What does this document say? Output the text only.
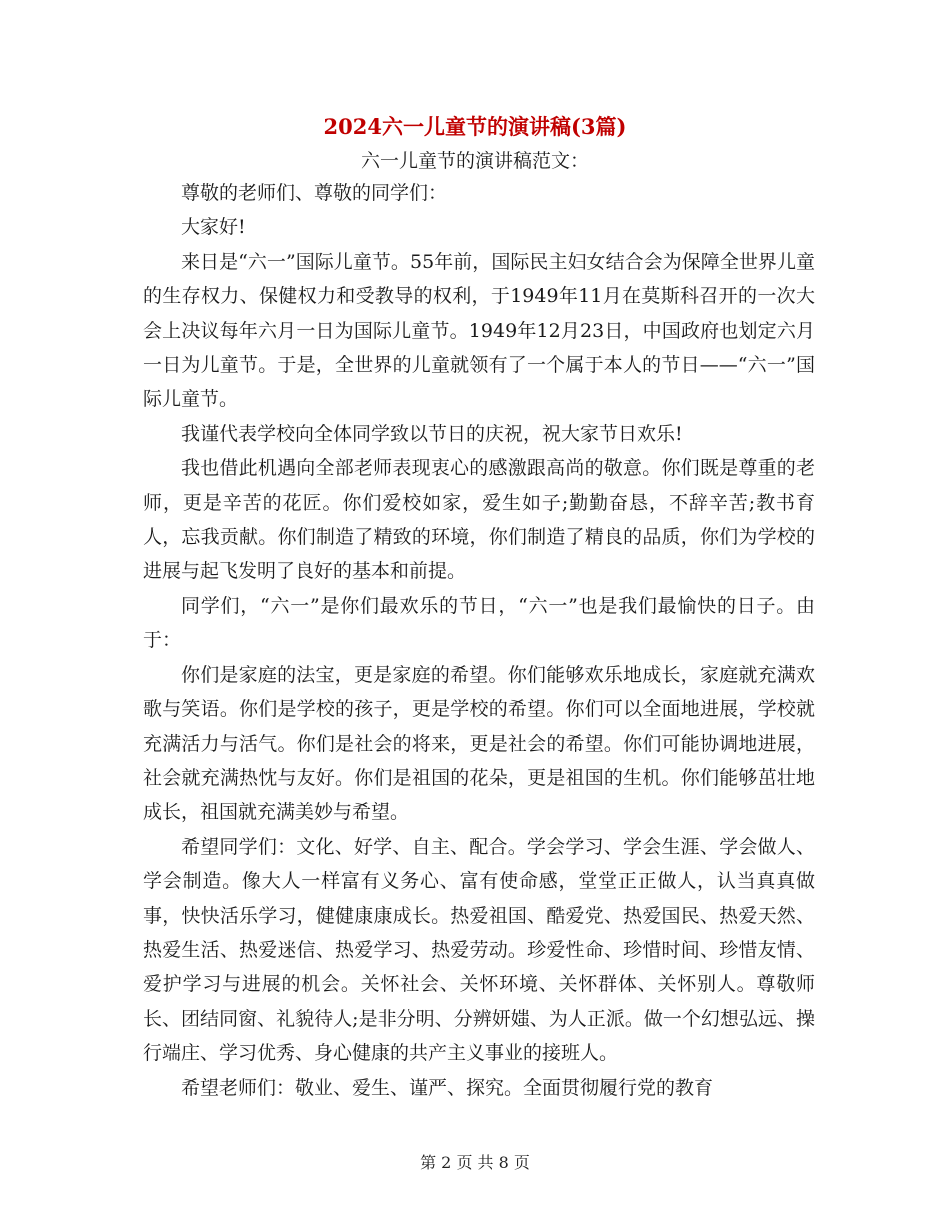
2024六一儿童节的演讲稿(3篇)
六一儿童节的演讲稿范文：

尊敬的老师们、尊敬的同学们：

大家好!

来日是“六一”国际儿童节。55年前，国际民主妇女结合会为保障全世界儿童的生存权力、保健权力和受教导的权利，于1949年11月在莫斯科召开的一次大会上决议每年六月一日为国际儿童节。1949年12月23日，中国政府也划定六月一日为儿童节。于是，全世界的儿童就领有了一个属于本人的节日——“六一”国际儿童节。

我谨代表学校向全体同学致以节日的庆祝，祝大家节日欢乐!

我也借此机遇向全部老师表现衷心的感激跟高尚的敬意。你们既是尊重的老师，更是辛苦的花匠。你们爱校如家，爱生如子;勤勤奋恳，不辞辛苦;教书育人，忘我贡献。你们制造了精致的环境，你们制造了精良的品质，你们为学校的进展与起飞发明了良好的基本和前提。

同学们，“六一”是你们最欢乐的节日，“六一”也是我们最愉快的日子。由于：

你们是家庭的法宝，更是家庭的希望。你们能够欢乐地成长，家庭就充满欢歌与笑语。你们是学校的孩子，更是学校的希望。你们可以全面地进展，学校就充满活力与活气。你们是社会的将来，更是社会的希望。你们可能协调地进展，社会就充满热忱与友好。你们是祖国的花朵，更是祖国的生机。你们能够茁壮地成长，祖国就充满美妙与希望。

希望同学们：文化、好学、自主、配合。学会学习、学会生涯、学会做人、学会制造。像大人一样富有义务心、富有使命感，堂堂正正做人，认当真真做事，快快活乐学习，健健康康成长。热爱祖国、酷爱党、热爱国民、热爱天然、热爱生活、热爱迷信、热爱学习、热爱劳动。珍爱性命、珍惜时间、珍惜友情、爱护学习与进展的机会。关怀社会、关怀环境、关怀群体、关怀别人。尊敬师长、团结同窗、礼貌待人;是非分明、分辨妍媸、为人正派。做一个幻想弘远、操行端庄、学习优秀、身心健康的共产主义事业的接班人。

希望老师们：敬业、爱生、谨严、探究。全面贯彻履行党的教育

第 2 页 共 8 页
